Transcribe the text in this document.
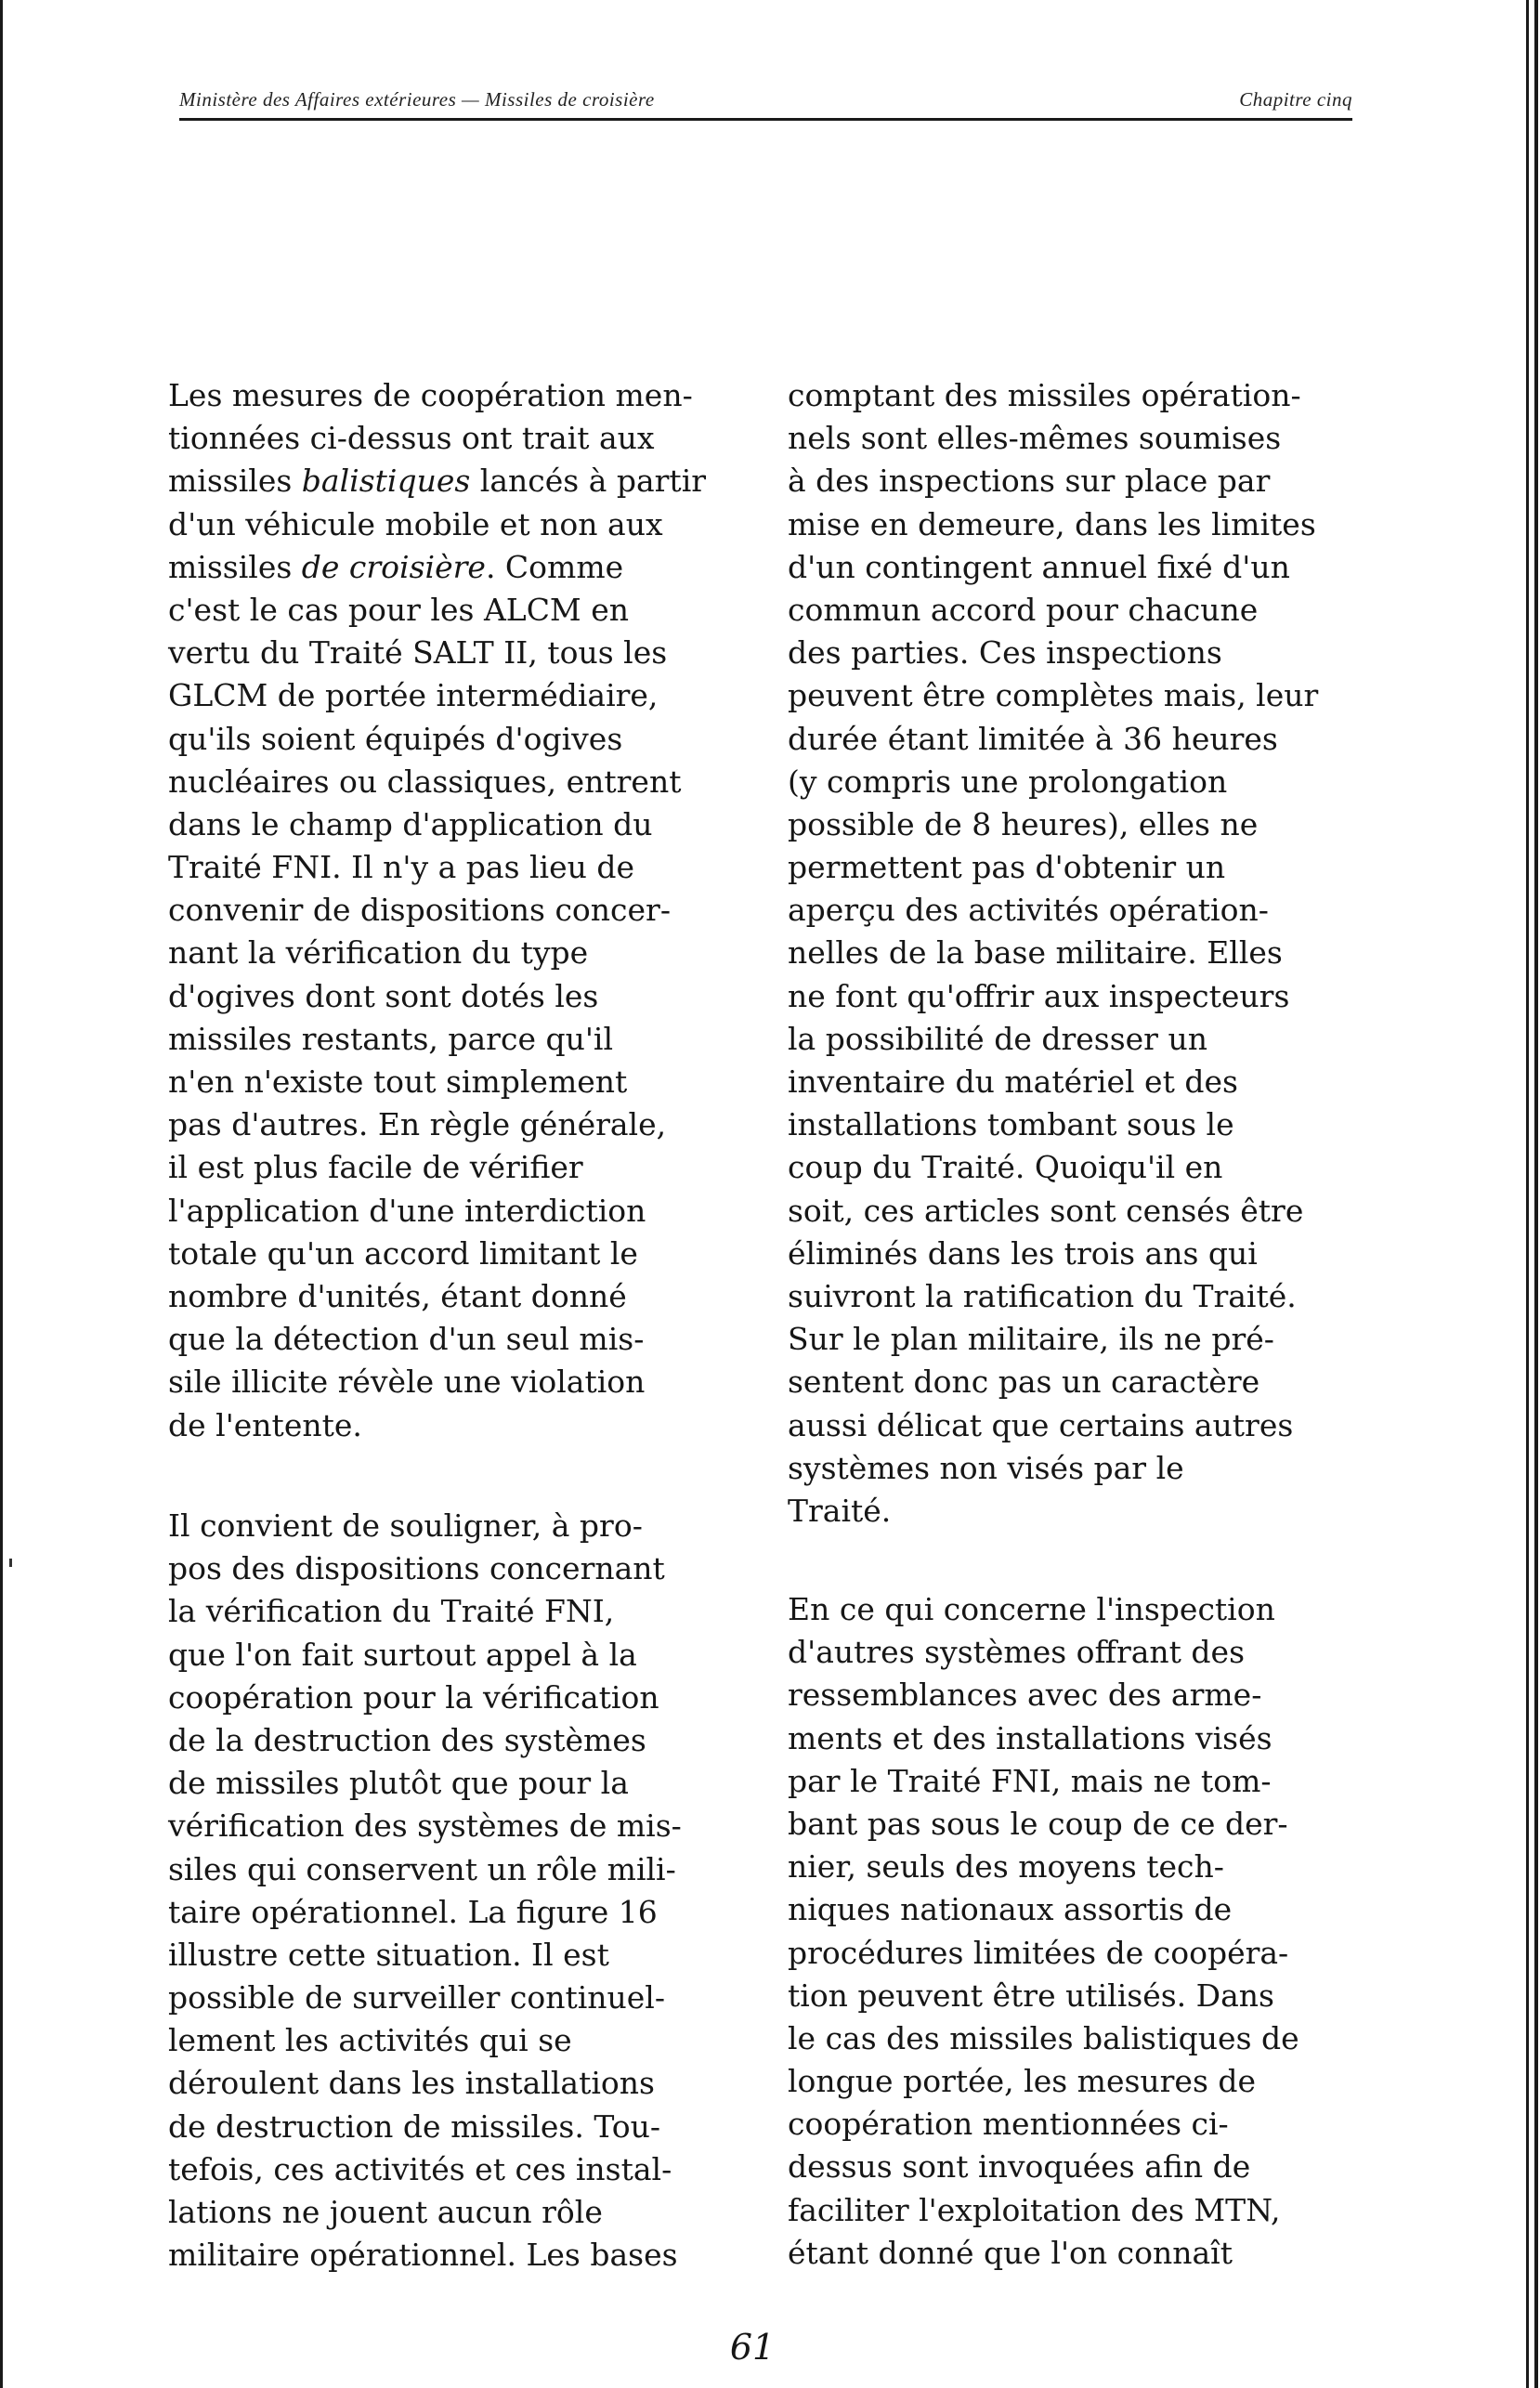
Ministère des Affaires extérieures — Missiles de croisière	Chapitre cinq
Les mesures de coopération men-
tionnées ci-dessus ont trait aux
missiles balistiques lancés à partir
d'un véhicule mobile et non aux
missiles de croisière. Comme
c'est le cas pour les ALCM en
vertu du Traité SALT II, tous les
GLCM de portée intermédiaire,
qu'ils soient équipés d'ogives
nucléaires ou classiques, entrent
dans le champ d'application du
Traité FNI. Il n'y a pas lieu de
convenir de dispositions concer-
nant la vérification du type
d'ogives dont sont dotés les
missiles restants, parce qu'il
n'en n'existe tout simplement
pas d'autres. En règle générale,
il est plus facile de vérifier
l'application d'une interdiction
totale qu'un accord limitant le
nombre d'unités, étant donné
que la détection d'un seul mis-
sile illicite révèle une violation
de l'entente.
Il convient de souligner, à pro-
pos des dispositions concernant
la vérification du Traité FNI,
que l'on fait surtout appel à la
coopération pour la vérification
de la destruction des systèmes
de missiles plutôt que pour la
vérification des systèmes de mis-
siles qui conservent un rôle mili-
taire opérationnel. La figure 16
illustre cette situation. Il est
possible de surveiller continuel-
lement les activités qui se
déroulent dans les installations
de destruction de missiles. Tou-
tefois, ces activités et ces instal-
lations ne jouent aucun rôle
militaire opérationnel. Les bases
comptant des missiles opération-
nels sont elles-mêmes soumises
à des inspections sur place par
mise en demeure, dans les limites
d'un contingent annuel fixé d'un
commun accord pour chacune
des parties. Ces inspections
peuvent être complètes mais, leur
durée étant limitée à 36 heures
(y compris une prolongation
possible de 8 heures), elles ne
permettent pas d'obtenir un
aperçu des activités opération-
nelles de la base militaire. Elles
ne font qu'offrir aux inspecteurs
la possibilité de dresser un
inventaire du matériel et des
installations tombant sous le
coup du Traité. Quoiqu'il en
soit, ces articles sont censés être
éliminés dans les trois ans qui
suivront la ratification du Traité.
Sur le plan militaire, ils ne pré-
sentent donc pas un caractère
aussi délicat que certains autres
systèmes non visés par le
Traité.
En ce qui concerne l'inspection
d'autres systèmes offrant des
ressemblances avec des arme-
ments et des installations visés
par le Traité FNI, mais ne tom-
bant pas sous le coup de ce der-
nier, seuls des moyens tech-
niques nationaux assortis de
procédures limitées de coopéra-
tion peuvent être utilisés. Dans
le cas des missiles balistiques de
longue portée, les mesures de
coopération mentionnées ci-
dessus sont invoquées afin de
faciliter l'exploitation des MTN,
étant donné que l'on connaît
61
